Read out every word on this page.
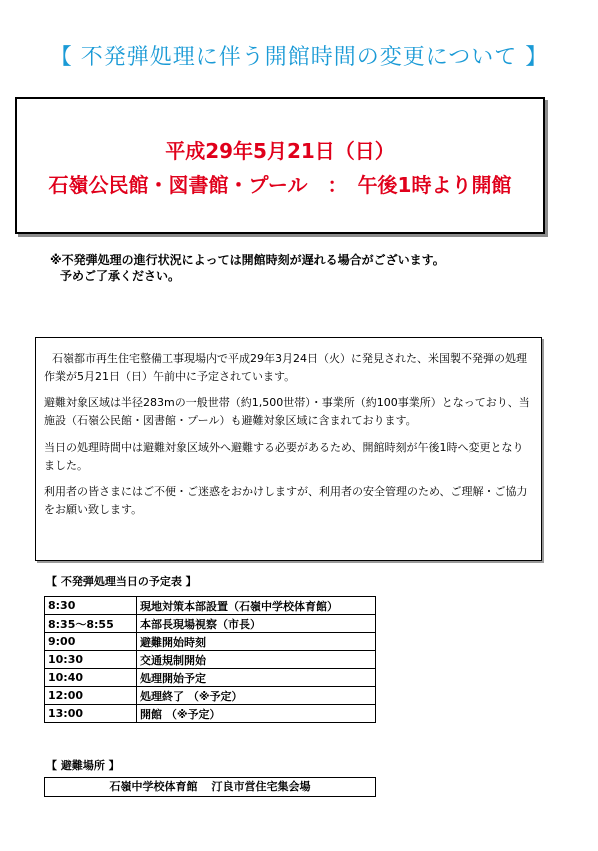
【 不発弾処理に伴う開館時間の変更について 】
平成29年5月21日（日）
石嶺公民館・図書館・プール　：　午後1時より開館
※不発弾処理の進行状況によっては開館時刻が遅れる場合がございます。
予めご了承ください。

石嶺都市再生住宅整備工事現場内で平成29年3月24日（火）に発見された、米国製不発弾の処理作業が5月21日（日）午前中に予定されています。

避難対象区域は半径283mの一般世帯（約1,500世帯）・事業所（約100事業所）となっており、当施設（石嶺公民館・図書館・プール）も避難対象区域に含まれております。

当日の処理時間中は避難対象区域外へ避難する必要があるため、開館時刻が午後1時へ変更となりました。

利用者の皆さまにはご不便・ご迷惑をおかけしますが、利用者の安全管理のため、ご理解・ご協力をお願い致します。

【 不発弾処理当日の予定表 】
8:30	現地対策本部設置（石嶺中学校体育館）
8:35～8:55	本部長現場視察（市長）
9:00	避難開始時刻
10:30	交通規制開始
10:40	処理開始予定
12:00	処理終了 （※予定）
13:00	開館 （※予定）
【 避難場所 】
石嶺中学校体育館 汀良市営住宅集会場
